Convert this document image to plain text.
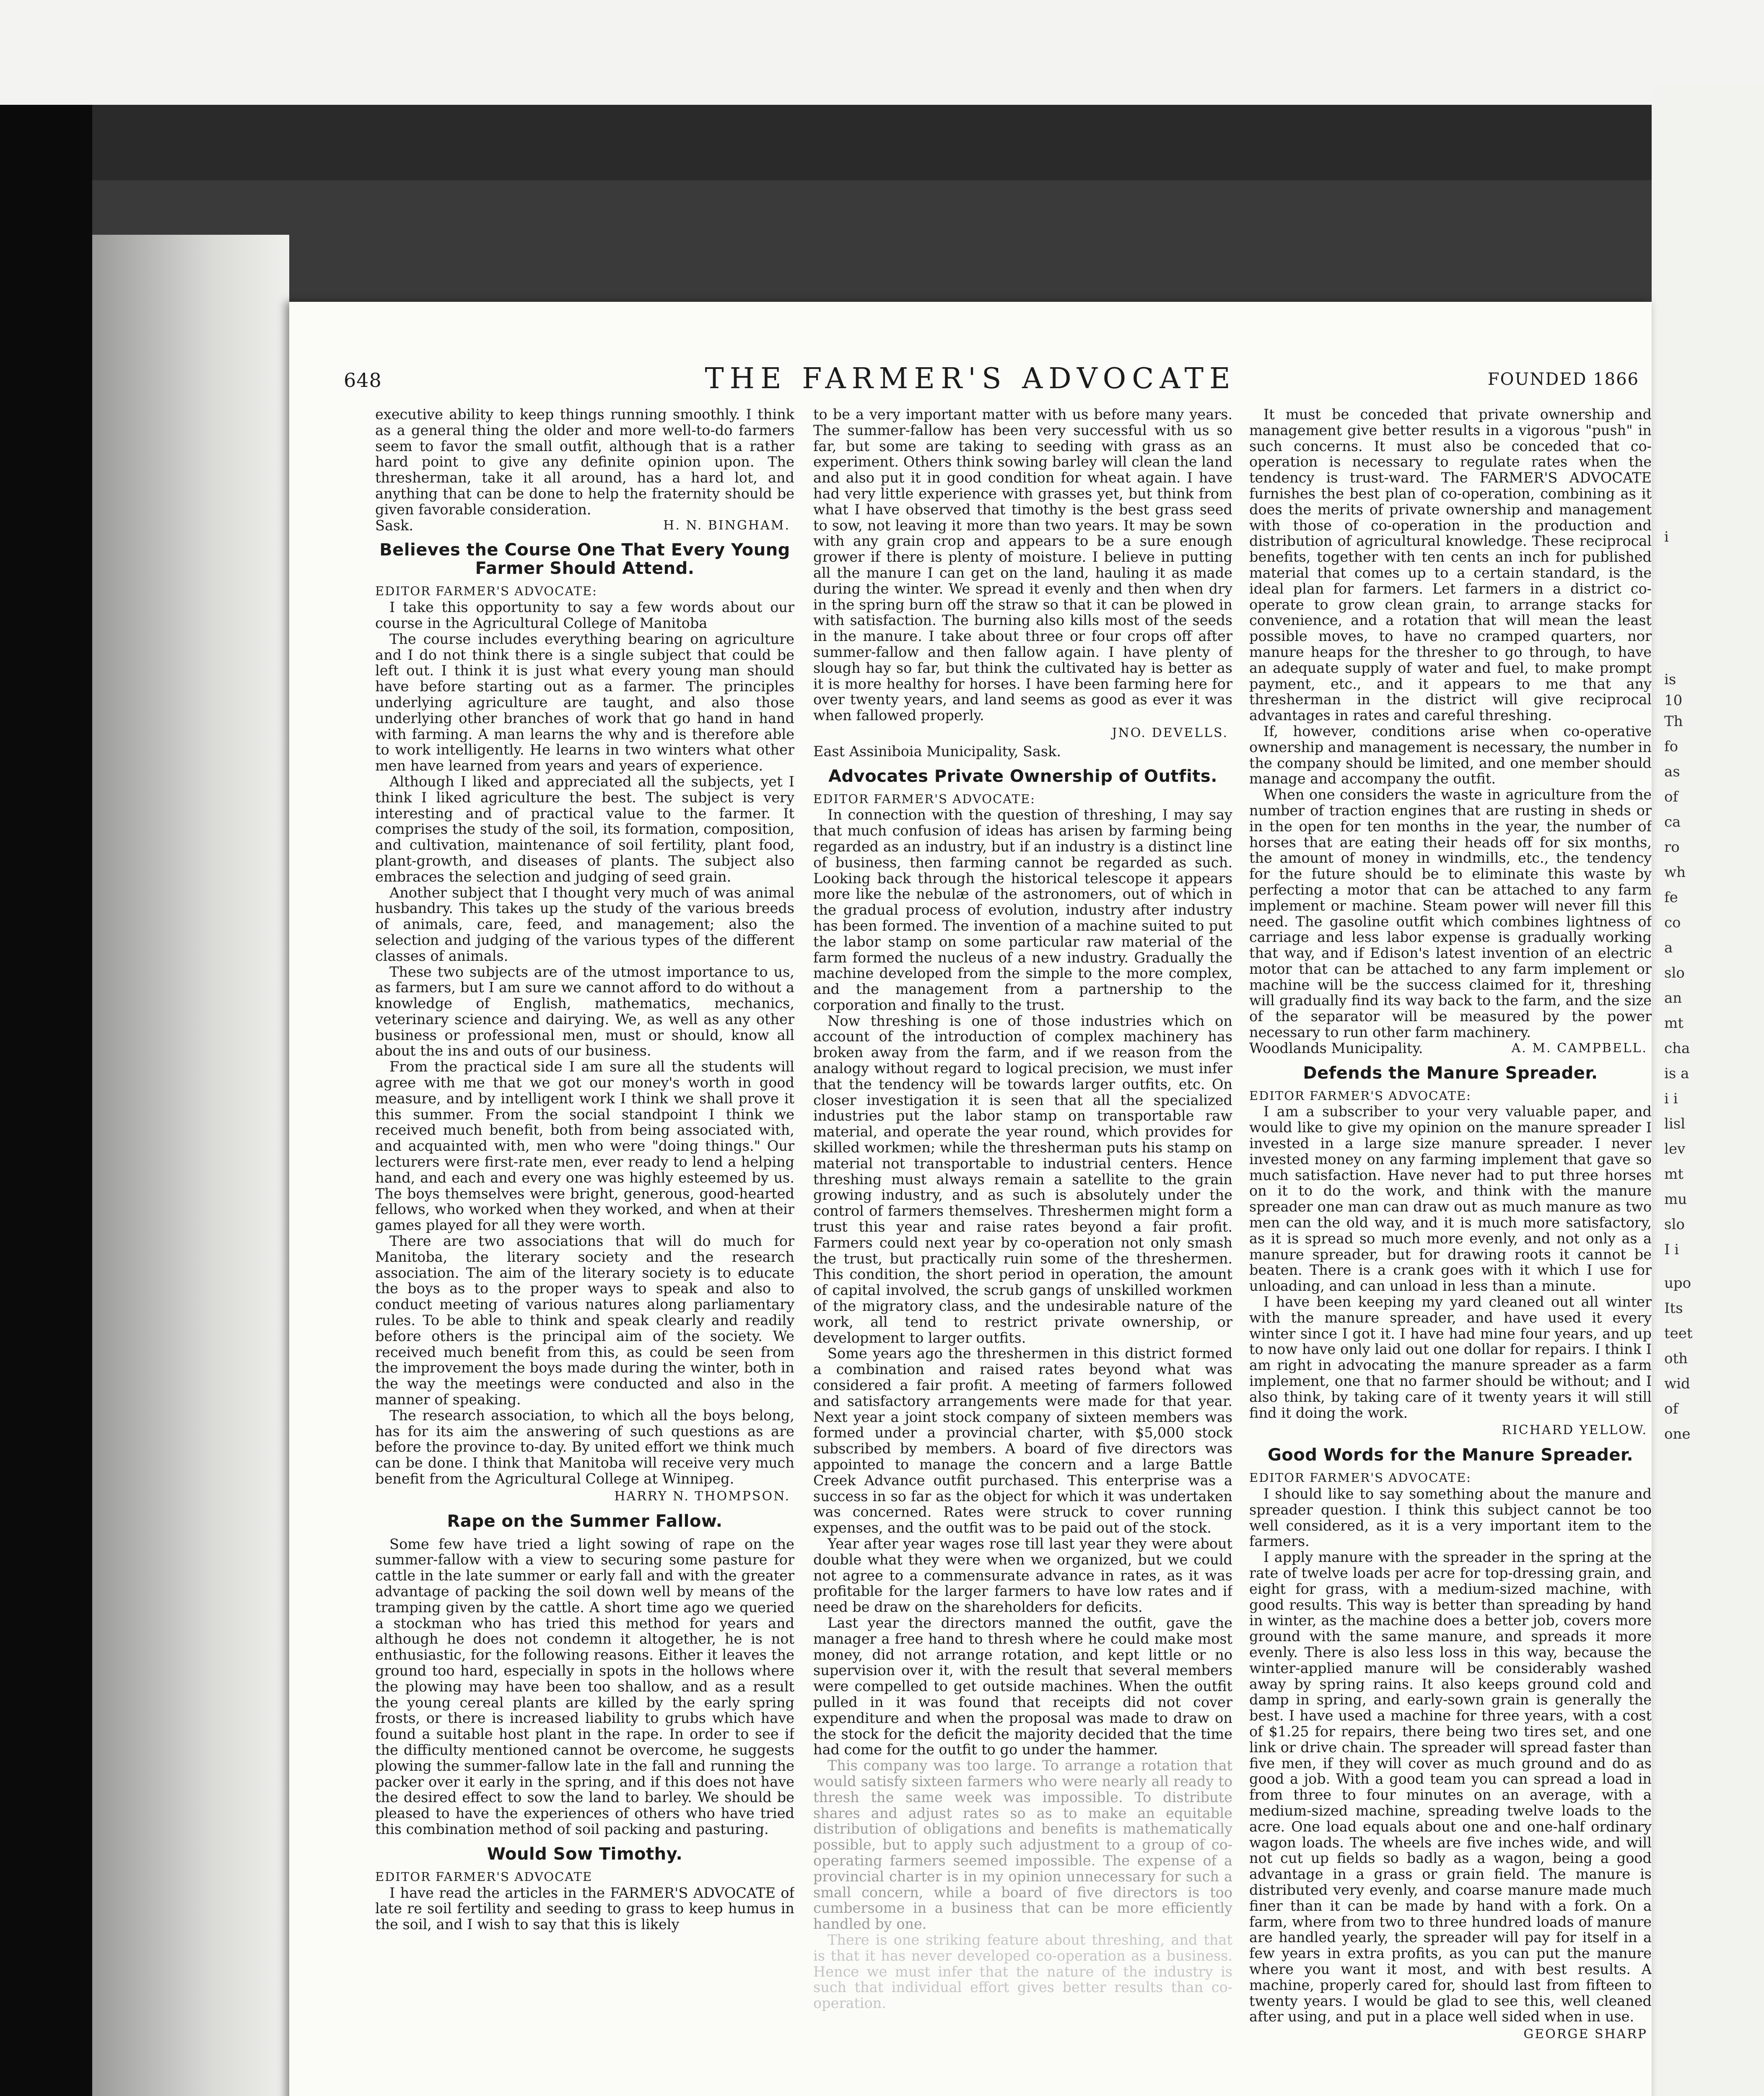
i
is
10
Th
fo
as
of
ca
ro
wh
fe
co
a
slo
an
mt
cha
is a
i i
lisl
lev
mt
mu
slo
I i
upo
Its
teet
oth
wid
of
one
648	THE FARMER'S ADVOCATE	FOUNDED 1866

executive ability to keep things running smoothly. I think as a general thing the older and more well-to-do farmers seem to favor the small outfit, although that is a rather hard point to give any definite opinion upon. The thresherman, take it all around, has a hard lot, and anything that can be done to help the fraternity should be given favorable consideration.

Sask.	H. N. BINGHAM.

Believes the Course One That Every Young Farmer Should Attend.

EDITOR FARMER'S ADVOCATE:

I take this opportunity to say a few words about our course in the Agricultural College of Manitoba

The course includes everything bearing on agriculture and I do not think there is a single subject that could be left out. I think it is just what every young man should have before starting out as a farmer. The principles underlying agriculture are taught, and also those underlying other branches of work that go hand in hand with farming. A man learns the why and is therefore able to work intelligently. He learns in two winters what other men have learned from years and years of experience.

Although I liked and appreciated all the subjects, yet I think I liked agriculture the best. The subject is very interesting and of practical value to the farmer. It comprises the study of the soil, its formation, composition, and cultivation, maintenance of soil fertility, plant food, plant-growth, and diseases of plants. The subject also embraces the selection and judging of seed grain.

Another subject that I thought very much of was animal husbandry. This takes up the study of the various breeds of animals, care, feed, and management; also the selection and judging of the various types of the different classes of animals.

These two subjects are of the utmost importance to us, as farmers, but I am sure we cannot afford to do without a knowledge of English, mathematics, mechanics, veterinary science and dairying. We, as well as any other business or professional men, must or should, know all about the ins and outs of our business.

From the practical side I am sure all the students will agree with me that we got our money's worth in good measure, and by intelligent work I think we shall prove it this summer. From the social standpoint I think we received much benefit, both from being associated with, and acquainted with, men who were "doing things." Our lecturers were first-rate men, ever ready to lend a helping hand, and each and every one was highly esteemed by us. The boys themselves were bright, generous, good-hearted fellows, who worked when they worked, and when at their games played for all they were worth.

There are two associations that will do much for Manitoba, the literary society and the research association. The aim of the literary society is to educate the boys as to the proper ways to speak and also to conduct meeting of various natures along parliamentary rules. To be able to think and speak clearly and readily before others is the principal aim of the society. We received much benefit from this, as could be seen from the improvement the boys made during the winter, both in the way the meetings were conducted and also in the manner of speaking.

The research association, to which all the boys belong, has for its aim the answering of such questions as are before the province to-day. By united effort we think much can be done. I think that Manitoba will receive very much benefit from the Agricultural College at Winnipeg.

HARRY N. THOMPSON.
Rape on the Summer Fallow.

Some few have tried a light sowing of rape on the summer-fallow with a view to securing some pasture for cattle in the late summer or early fall and with the greater advantage of packing the soil down well by means of the tramping given by the cattle. A short time ago we queried a stockman who has tried this method for years and although he does not condemn it altogether, he is not enthusiastic, for the following reasons. Either it leaves the ground too hard, especially in spots in the hollows where the plowing may have been too shallow, and as a result the young cereal plants are killed by the early spring frosts, or there is increased liability to grubs which have found a suitable host plant in the rape. In order to see if the difficulty mentioned cannot be overcome, he suggests plowing the summer-fallow late in the fall and running the packer over it early in the spring, and if this does not have the desired effect to sow the land to barley. We should be pleased to have the experiences of others who have tried this combination method of soil packing and pasturing.

Would Sow Timothy.

EDITOR FARMER'S ADVOCATE

I have read the articles in the FARMER'S ADVOCATE of late re soil fertility and seeding to grass to keep humus in the soil, and I wish to say that this is likely

to be a very important matter with us before many years. The summer-fallow has been very successful with us so far, but some are taking to seeding with grass as an experiment. Others think sowing barley will clean the land and also put it in good condition for wheat again. I have had very little experience with grasses yet, but think from what I have observed that timothy is the best grass seed to sow, not leaving it more than two years. It may be sown with any grain crop and appears to be a sure enough grower if there is plenty of moisture. I believe in putting all the manure I can get on the land, hauling it as made during the winter. We spread it evenly and then when dry in the spring burn off the straw so that it can be plowed in with satisfaction. The burning also kills most of the seeds in the manure. I take about three or four crops off after summer-fallow and then fallow again. I have plenty of slough hay so far, but think the cultivated hay is better as it is more healthy for horses. I have been farming here for over twenty years, and land seems as good as ever it was when fallowed properly.

JNO. DEVELLS.

East Assiniboia Municipality, Sask.

Advocates Private Ownership of Outfits.

EDITOR FARMER'S ADVOCATE:

In connection with the question of threshing, I may say that much confusion of ideas has arisen by farming being regarded as an industry, but if an industry is a distinct line of business, then farming cannot be regarded as such. Looking back through the historical telescope it appears more like the nebulæ of the astronomers, out of which in the gradual process of evolution, industry after industry has been formed. The invention of a machine suited to put the labor stamp on some particular raw material of the farm formed the nucleus of a new industry. Gradually the machine developed from the simple to the more complex, and the management from a partnership to the corporation and finally to the trust.

Now threshing is one of those industries which on account of the introduction of complex machinery has broken away from the farm, and if we reason from the analogy without regard to logical precision, we must infer that the tendency will be towards larger outfits, etc. On closer investigation it is seen that all the specialized industries put the labor stamp on transportable raw material, and operate the year round, which provides for skilled workmen; while the thresherman puts his stamp on material not transportable to industrial centers. Hence threshing must always remain a satellite to the grain growing industry, and as such is absolutely under the control of farmers themselves. Threshermen might form a trust this year and raise rates beyond a fair profit. Farmers could next year by co-operation not only smash the trust, but practically ruin some of the threshermen. This condition, the short period in operation, the amount of capital involved, the scrub gangs of unskilled workmen of the migratory class, and the undesirable nature of the work, all tend to restrict private ownership, or development to larger outfits.

Some years ago the threshermen in this district formed a combination and raised rates beyond what was considered a fair profit. A meeting of farmers followed and satisfactory arrangements were made for that year. Next year a joint stock company of sixteen members was formed under a provincial charter, with $5,000 stock subscribed by members. A board of five directors was appointed to manage the concern and a large Battle Creek Advance outfit purchased. This enterprise was a success in so far as the object for which it was undertaken was concerned. Rates were struck to cover running expenses, and the outfit was to be paid out of the stock.

Year after year wages rose till last year they were about double what they were when we organized, but we could not agree to a commensurate advance in rates, as it was profitable for the larger farmers to have low rates and if need be draw on the shareholders for deficits.

Last year the directors manned the outfit, gave the manager a free hand to thresh where he could make most money, did not arrange rotation, and kept little or no supervision over it, with the result that several members were compelled to get outside machines. When the outfit pulled in it was found that receipts did not cover expenditure and when the proposal was made to draw on the stock for the deficit the majority decided that the time had come for the outfit to go under the hammer.

This company was too large. To arrange a rotation that would satisfy sixteen farmers who were nearly all ready to thresh the same week was impossible. To distribute shares and adjust rates so as to make an equitable distribution of obligations and benefits is mathematically possible, but to apply such adjustment to a group of co-operating farmers seemed impossible. The expense of a provincial charter is in my opinion unnecessary for such a small concern, while a board of five directors is too cumbersome in a business that can be more efficiently handled by one.

There is one striking feature about threshing, and that is that it has never developed co-operation as a business. Hence we must infer that the nature of the industry is such that individual effort gives better results than co-operation.

It must be conceded that private ownership and management give better results in a vigorous "push" in such concerns. It must also be conceded that co-operation is necessary to regulate rates when the tendency is trust-ward. The FARMER'S ADVOCATE furnishes the best plan of co-operation, combining as it does the merits of private ownership and management with those of co-operation in the production and distribution of agricultural knowledge. These reciprocal benefits, together with ten cents an inch for published material that comes up to a certain standard, is the ideal plan for farmers. Let farmers in a district co-operate to grow clean grain, to arrange stacks for convenience, and a rotation that will mean the least possible moves, to have no cramped quarters, nor manure heaps for the thresher to go through, to have an adequate supply of water and fuel, to make prompt payment, etc., and it appears to me that any thresherman in the district will give reciprocal advantages in rates and careful threshing.

If, however, conditions arise when co-operative ownership and management is necessary, the number in the company should be limited, and one member should manage and accompany the outfit.

When one considers the waste in agriculture from the number of traction engines that are rusting in sheds or in the open for ten months in the year, the number of horses that are eating their heads off for six months, the amount of money in windmills, etc., the tendency for the future should be to eliminate this waste by perfecting a motor that can be attached to any farm implement or machine. Steam power will never fill this need. The gasoline outfit which combines lightness of carriage and less labor expense is gradually working that way, and if Edison's latest invention of an electric motor that can be attached to any farm implement or machine will be the success claimed for it, threshing will gradually find its way back to the farm, and the size of the separator will be measured by the power necessary to run other farm machinery.

Woodlands Municipality.	A. M. CAMPBELL.

Defends the Manure Spreader.

EDITOR FARMER'S ADVOCATE:

I am a subscriber to your very valuable paper, and would like to give my opinion on the manure spreader I invested in a large size manure spreader. I never invested money on any farming implement that gave so much satisfaction. Have never had to put three horses on it to do the work, and think with the manure spreader one man can draw out as much manure as two men can the old way, and it is much more satisfactory, as it is spread so much more evenly, and not only as a manure spreader, but for drawing roots it cannot be beaten. There is a crank goes with it which I use for unloading, and can unload in less than a minute.

I have been keeping my yard cleaned out all winter with the manure spreader, and have used it every winter since I got it. I have had mine four years, and up to now have only laid out one dollar for repairs. I think I am right in advocating the manure spreader as a farm implement, one that no farmer should be without; and I also think, by taking care of it twenty years it will still find it doing the work.

RICHARD YELLOW.
Good Words for the Manure Spreader.

EDITOR FARMER'S ADVOCATE:

I should like to say something about the manure and spreader question. I think this subject cannot be too well considered, as it is a very important item to the farmers.

I apply manure with the spreader in the spring at the rate of twelve loads per acre for top-dressing grain, and eight for grass, with a medium-sized machine, with good results. This way is better than spreading by hand in winter, as the machine does a better job, covers more ground with the same manure, and spreads it more evenly. There is also less loss in this way, because the winter-applied manure will be considerably washed away by spring rains. It also keeps ground cold and damp in spring, and early-sown grain is generally the best. I have used a machine for three years, with a cost of $1.25 for repairs, there being two tires set, and one link or drive chain. The spreader will spread faster than five men, if they will cover as much ground and do as good a job. With a good team you can spread a load in from three to four minutes on an average, with a medium-sized machine, spreading twelve loads to the acre. One load equals about one and one-half ordinary wagon loads. The wheels are five inches wide, and will not cut up fields so badly as a wagon, being a good advantage in a grass or grain field. The manure is distributed very evenly, and coarse manure made much finer than it can be made by hand with a fork. On a farm, where from two to three hundred loads of manure are handled yearly, the spreader will pay for itself in a few years in extra profits, as you can put the manure where you want it most, and with best results. A machine, properly cared for, should last from fifteen to twenty years. I would be glad to see this, well cleaned after using, and put in a place well sided when in use.

GEORGE SHARP
